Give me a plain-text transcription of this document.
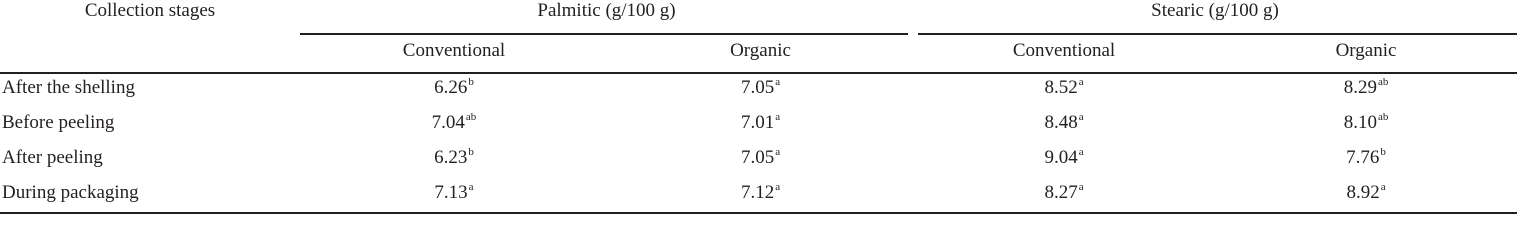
Collection stages	Palmitic (g/100 g)		Stearic (g/100 g)	
	Conventional	Organic	Conventional	Organic
After the shelling	6.26$^b$	7.05$^a$	8.52$^a$	8.29$^{ab}$
Before peeling	7.04$^{ab}$	7.01$^a$	8.48$^a$	8.10$^{ab}$
After peeling	6.23$^b$	7.05$^a$	9.04$^a$	7.76$^b$
During packaging	7.13$^a$	7.12$^a$	8.27$^a$	8.92$^a$
